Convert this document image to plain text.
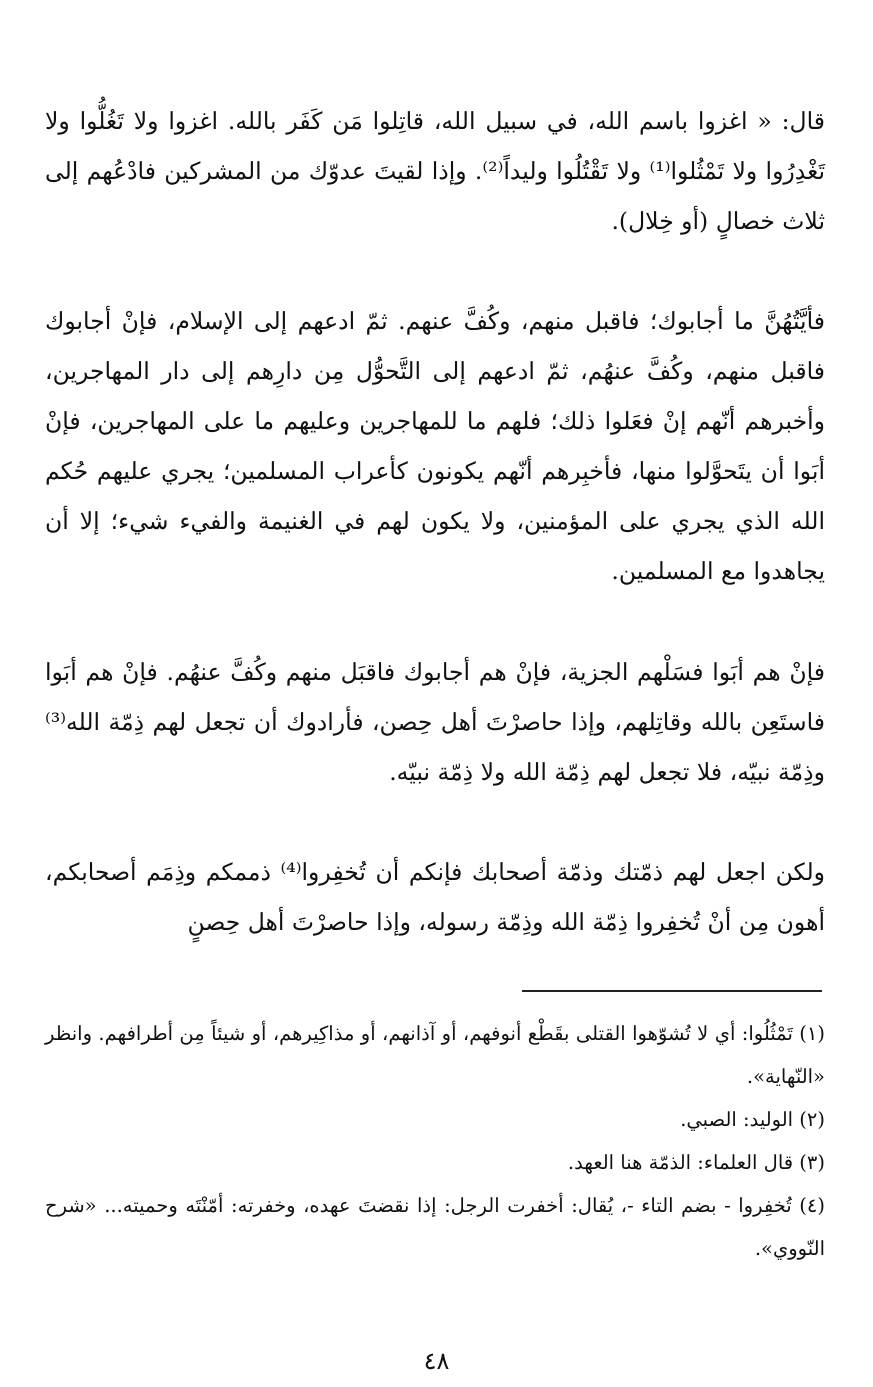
قال: « اغزوا باسم الله، في سبيل الله، قاتِلوا مَن كَفَر بالله. اغزوا ولا تَغُلُّوا ولا تَغْدِرُوا ولا تَمْثُلوا⁽¹⁾ ولا تَقْتُلُوا وليداً⁽²⁾. وإذا لقيتَ عدوّك من المشركين فادْعُهم إلى ثلاث خصالٍ (أو خِلال).

فأيَّتُهُنَّ ما أجابوك؛ فاقبل منهم، وكُفَّ عنهم. ثمّ ادعهم إلى الإسلام، فإنْ أجابوك فاقبل منهم، وكُفَّ عنهُم، ثمّ ادعهم إلى التَّحوُّل مِن دارِهم إلى دار المهاجرين، وأخبرهم أنّهم إنْ فعَلوا ذلك؛ فلهم ما للمهاجرين وعليهم ما على المهاجرين، فإنْ أبَوا أن يتَحوَّلوا منها، فأخبِرهم أنّهم يكونون كأعراب المسلمين؛ يجري عليهم حُكم الله الذي يجري على المؤمنين، ولا يكون لهم في الغنيمة والفيء شيء؛ إلا أن يجاهدوا مع المسلمين.

فإنْ هم أبَوا فسَلْهم الجزية، فإنْ هم أجابوك فاقبَل منهم وكُفَّ عنهُم. فإنْ هم أبَوا فاستَعِن بالله وقاتِلهم، وإذا حاصرْتَ أهل حِصن، فأرادوك أن تجعل لهم ذِمّة الله⁽³⁾ وذِمّة نبيّه، فلا تجعل لهم ذِمّة الله ولا ذِمّة نبيّه.

ولكن اجعل لهم ذمّتك وذمّة أصحابك فإنكم أن تُخفِروا⁽⁴⁾ ذممكم وذِمَم أصحابكم، أهون مِن أنْ تُخفِروا ذِمّة الله وذِمّة رسوله، وإذا حاصرْتَ أهل حِصنٍ

(١) تَمْثُلُوا: أي لا تُشوّهوا القتلى بقَطْع أنوفهم، أو آذانهم، أو مذاكِيرهم، أو شيئاً مِن أطرافهم. وانظر «النّهاية».
(٢) الوليد: الصبي.
(٣) قال العلماء: الذمّة هنا العهد.
(٤) تُخفِروا - بضم التاء -، يُقال: أخفرت الرجل: إذا نقضتَ عهده، وخفرته: أمّنْتَه وحميته... «شرح النّووي».
٤٨
